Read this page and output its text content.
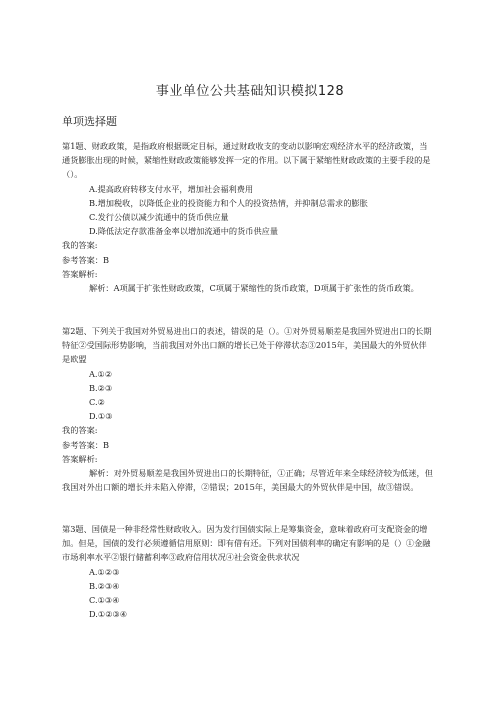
事业单位公共基础知识模拟128
单项选择题

第1题、财政政策，是指政府根据既定目标，通过财政收支的变动以影响宏观经济水平的经济政策，当通货膨胀出现的时候，紧缩性财政政策能够发挥一定的作用。以下属于紧缩性财政政策的主要手段的是（）。

A.提高政府转移支付水平，增加社会福利费用

B.增加税收，以降低企业的投资能力和个人的投资热情，并抑制总需求的膨胀

C.发行公债以减少流通中的货币供应量

D.降低法定存款准备金率以增加流通中的货币供应量

我的答案:

参考答案：B

答案解析:

解析：A项属于扩张性财政政策，C项属于紧缩性的货币政策，D项属于扩张性的货币政策。

第2题、下列关于我国对外贸易进出口的表述，错误的是（）。①对外贸易顺差是我国外贸进出口的长期特征②受国际形势影响，当前我国对外出口额的增长已处于停滞状态③2015年，美国最大的外贸伙伴是欧盟

A.①②

B.②③

C.②

D.①③

我的答案:

参考答案：B

答案解析:

解析：对外贸易顺差是我国外贸进出口的长期特征，①正确；尽管近年来全球经济较为低迷，但我国对外出口额的增长并未陷入停滞，②错误；2015年，美国最大的外贸伙伴是中国，故③错误。

第3题、国债是一种非经常性财政收入。因为发行国债实际上是筹集资金，意味着政府可支配资金的增加。但是，国债的发行必须遵循信用原则：即有借有还。下列对国债利率的确定有影响的是（）①金融市场利率水平②银行储蓄利率③政府信用状况④社会资金供求状况

A.①②③

B.②③④

C.①③④

D.①②③④
